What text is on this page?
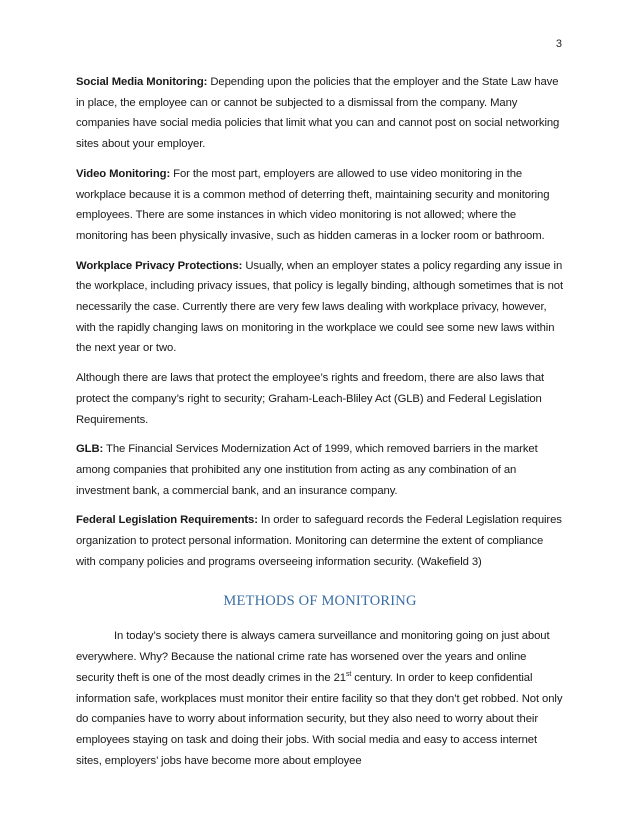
3

Social Media Monitoring: Depending upon the policies that the employer and the State Law have in place, the employee can or cannot be subjected to a dismissal from the company. Many companies have social media policies that limit what you can and cannot post on social networking sites about your employer.

Video Monitoring: For the most part, employers are allowed to use video monitoring in the workplace because it is a common method of deterring theft, maintaining security and monitoring employees. There are some instances in which video monitoring is not allowed; where the monitoring has been physically invasive, such as hidden cameras in a locker room or bathroom.

Workplace Privacy Protections: Usually, when an employer states a policy regarding any issue in the workplace, including privacy issues, that policy is legally binding, although sometimes that is not necessarily the case. Currently there are very few laws dealing with workplace privacy, however, with the rapidly changing laws on monitoring in the workplace we could see some new laws within the next year or two.

Although there are laws that protect the employee’s rights and freedom, there are also laws that protect the company’s right to security; Graham-Leach-Bliley Act (GLB) and Federal Legislation Requirements.

GLB: The Financial Services Modernization Act of 1999, which removed barriers in the market among companies that prohibited any one institution from acting as any combination of an investment bank, a commercial bank, and an insurance company.

Federal Legislation Requirements: In order to safeguard records the Federal Legislation requires organization to protect personal information. Monitoring can determine the extent of compliance with company policies and programs overseeing information security. (Wakefield 3)

METHODS OF MONITORING

In today’s society there is always camera surveillance and monitoring going on just about everywhere. Why? Because the national crime rate has worsened over the years and online security theft is one of the most deadly crimes in the 21st century. In order to keep confidential information safe, workplaces must monitor their entire facility so that they don’t get robbed. Not only do companies have to worry about information security, but they also need to worry about their employees staying on task and doing their jobs. With social media and easy to access internet sites, employers’ jobs have become more about employee
